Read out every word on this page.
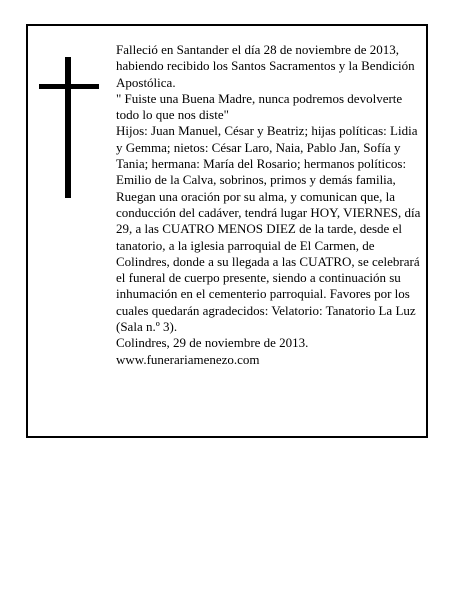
Falleció en Santander el día 28 de noviembre de 2013, habiendo recibido los Santos Sacramentos y la Bendición Apostólica.

" Fuiste una Buena Madre, nunca podremos devolverte todo lo que nos diste"

Hijos: Juan Manuel, César y Beatriz; hijas políticas: Lidia y Gemma; nietos: César Laro, Naia, Pablo Jan, Sofía y Tania; hermana: María del Rosario; hermanos políticos: Emilio de la Calva, sobrinos, primos y demás familia,

Ruegan una oración por su alma, y comunican que, la conducción del cadáver, tendrá lugar HOY, VIERNES, día 29, a las CUATRO MENOS DIEZ de la tarde, desde el tanatorio, a la iglesia parroquial de El Carmen, de Colindres, donde a su llegada a las CUATRO, se celebrará el funeral de cuerpo presente, siendo a continuación su inhumación en el cementerio parroquial. Favores por los cuales quedarán agradecidos: Velatorio: Tanatorio La Luz (Sala n.º 3).

Colindres, 29 de noviembre de 2013.

www.funerariamenezo.com
